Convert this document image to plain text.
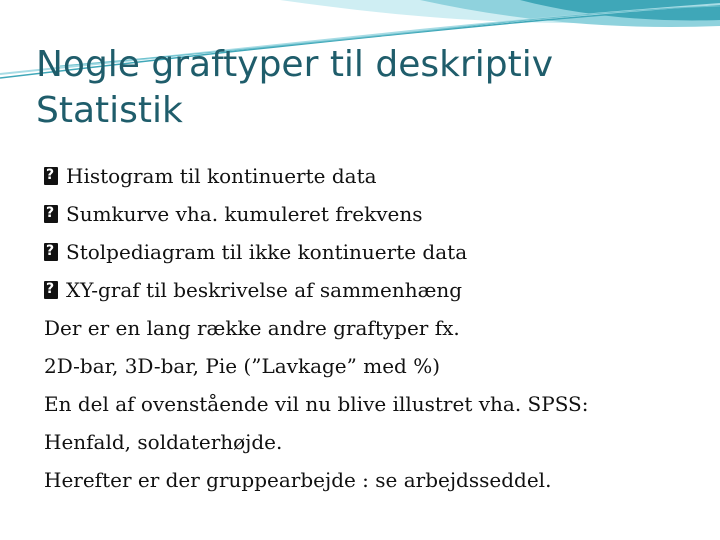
Nogle graftyper til deskriptiv
Statistik
?Histogram til kontinuerte data
?Sumkurve vha. kumuleret frekvens
?Stolpediagram til ikke kontinuerte data
?XY-graf til beskrivelse af sammenhæng
Der er en lang række andre graftyper fx.
2D-bar, 3D-bar, Pie (”Lavkage” med %)
En del af ovenstående vil nu blive illustret vha. SPSS:
Henfald, soldaterhøjde.
Herefter er der gruppearbejde : se arbejdsseddel.
